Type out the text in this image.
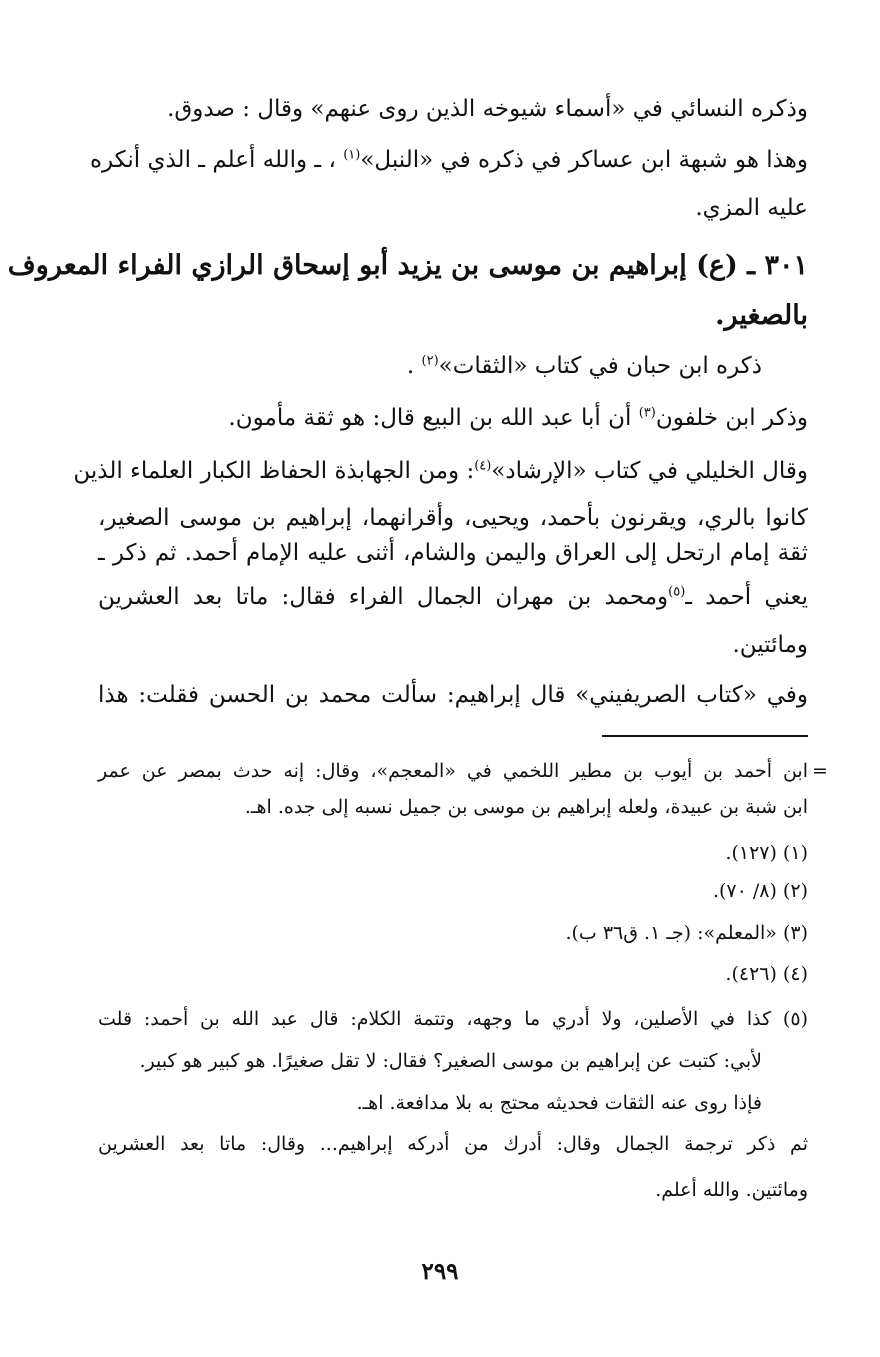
وذكره النسائي في «أسماء شيوخه الذين روى عنهم» وقال : صدوق.
وهذا هو شبهة ابن عساكر في ذكره في «النبل»$^{(١)}$ ، ـ والله أعلم ـ الذي أنكره
عليه المزي.
٣٠١ ـ (ع) إبراهيم بن موسى بن يزيد أبو إسحاق الرازي الفراء المعروف
بالصغير.
ذكره ابن حبان في كتاب «الثقات»$^{(٢)}$ .
وذكر ابن خلفون$^{(٣)}$ أن أبا عبد الله بن البيع قال: هو ثقة مأمون.
وقال الخليلي في كتاب «الإرشاد»$^{(٤)}$: ومن الجهابذة الحفاظ الكبار العلماء الذين
كانوا بالري، ويقرنون بأحمد، ويحيى، وأقرانهما، إبراهيم بن موسى الصغير،
ثقة إمام ارتحل إلى العراق واليمن والشام، أثنى عليه الإمام أحمد. ثم ذكر ـ
يعني أحمد ـ$^{(٥)}$ومحمد بن مهران الجمال الفراء فقال: ماتا بعد العشرين
ومائتين.
وفي «كتاب الصريفيني» قال إبراهيم: سألت محمد بن الحسن فقلت: هذا
=
ابن أحمد بن أيوب بن مطير اللخمي في «المعجم»، وقال: إنه حدث بمصر عن عمر
ابن شبة بن عبيدة، ولعله إبراهيم بن موسى بن جميل نسبه إلى جده. اهـ.
(١) (١٢٧).
(٢) (٨/ ٧٠).
(٣) «المعلم»: (جـ ١. ق٣٦ ب).
(٤) (٤٢٦).
(٥) كذا في الأصلين، ولا أدري ما وجهه، وتتمة الكلام: قال عبد الله بن أحمد: قلت
لأبي: كتبت عن إبراهيم بن موسى الصغير؟ فقال: لا تقل صغيرًا. هو كبير هو كبير.
فإذا روى عنه الثقات فحديثه محتج به بلا مدافعة. اهـ.
ثم ذكر ترجمة الجمال وقال: أدرك من أدركه إبراهيم... وقال: ماتا بعد العشرين
ومائتين. والله أعلم.
٢٩٩
